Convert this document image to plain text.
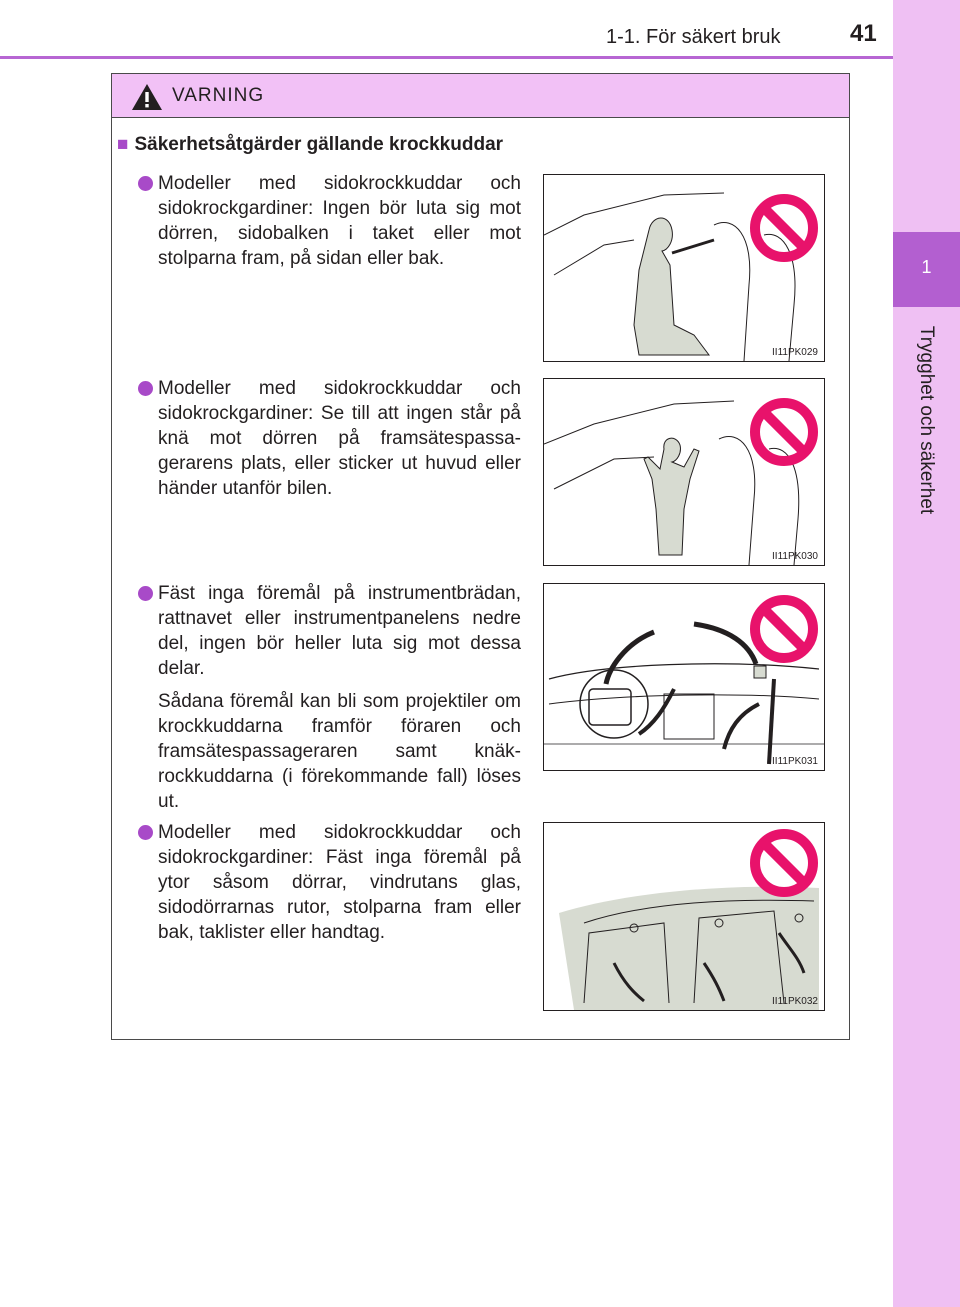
1-1. För säkert bruk	41
1
Trygghet och säkerhet
VARNING
■ Säkerhetsåtgärder gällande krockkuddar

Modeller med sidokrockkuddar och sidokrockgardiner: Ingen bör luta sig mot dörren, sidobalken i taket eller mot stolparna fram, på sidan eller bak.

II11PK029

Modeller med sidokrockkuddar och sidokrockgardiner: Se till att ingen står på knä mot dörren på framsätespassa-gerarens plats, eller sticker ut huvud eller händer utanför bilen.

II11PK030

Fäst inga föremål på instrumentbrädan, rattnavet eller instrumentpanelens nedre del, ingen bör heller luta sig mot dessa delar.

Sådana föremål kan bli som projektiler om krockkuddarna framför föraren och framsätespassageraren samt knäk-rockkuddarna (i förekommande fall) löses ut.

II11PK031

Modeller med sidokrockkuddar och sidokrockgardiner: Fäst inga föremål på ytor såsom dörrar, vindrutans glas, sidodörrarnas rutor, stolparna fram eller bak, taklister eller handtag.

II11PK032
